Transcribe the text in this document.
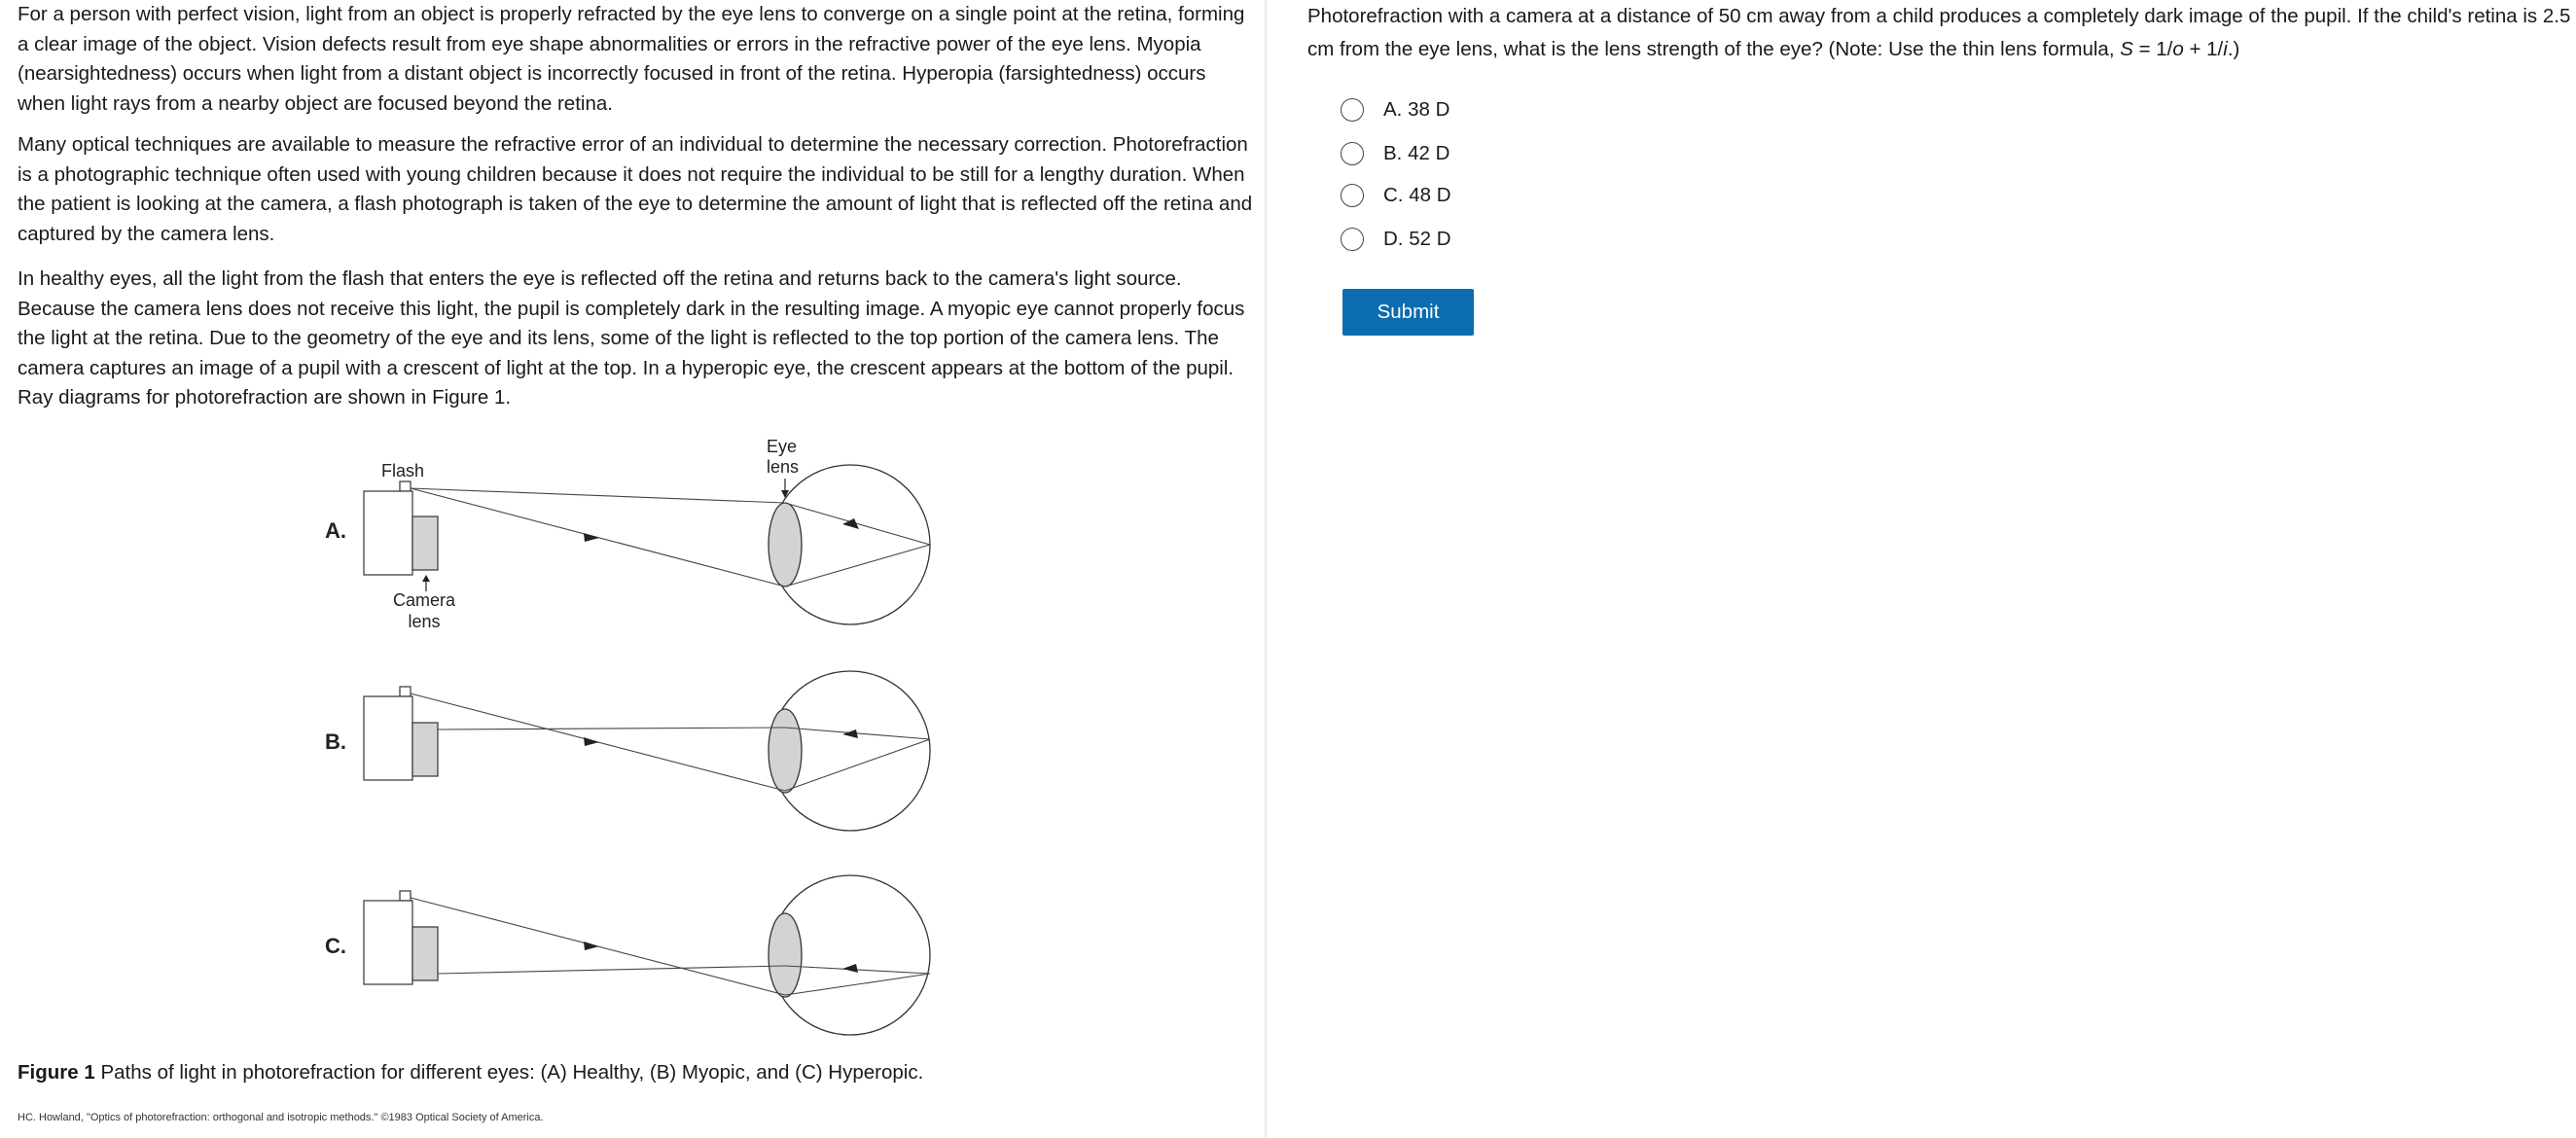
For a person with perfect vision, light from an object is properly refracted by the eye lens to converge on a single point at the retina, forming a clear image of the object. Vision defects result from eye shape abnormalities or errors in the refractive power of the eye lens. Myopia (nearsightedness) occurs when light from a distant object is incorrectly focused in front of the retina. Hyperopia (farsightedness) occurs when light rays from a nearby object are focused beyond the retina.

Many optical techniques are available to measure the refractive error of an individual to determine the necessary correction. Photorefraction is a photographic technique often used with young children because it does not require the individual to be still for a lengthy duration. When the patient is looking at the camera, a flash photograph is taken of the eye to determine the amount of light that is reflected off the retina and captured by the camera lens.

In healthy eyes, all the light from the flash that enters the eye is reflected off the retina and returns back to the camera's light source. Because the camera lens does not receive this light, the pupil is completely dark in the resulting image. A myopic eye cannot properly focus the light at the retina. Due to the geometry of the eye and its lens, some of the light is reflected to the top portion of the camera lens. The camera captures an image of a pupil with a crescent of light at the top. In a hyperopic eye, the crescent appears at the bottom of the pupil. Ray diagrams for photorefraction are shown in Figure 1.

A.
Flash
Eye
lens
Camera
lens
B.
C.

Figure 1 Paths of light in photorefraction for different eyes: (A) Healthy, (B) Myopic, and (C) Hyperopic.

HC. Howland, "Optics of photorefraction: orthogonal and isotropic methods." ©1983 Optical Society of America.

Photorefraction with a camera at a distance of 50 cm away from a child produces a completely dark image of the pupil. If the child's retina is 2.5 cm from the eye lens, what is the lens strength of the eye? (Note: Use the thin lens formula, S = 1/o + 1/i.)

A. 38 D
B. 42 D
C. 48 D
D. 52 D
Submit
